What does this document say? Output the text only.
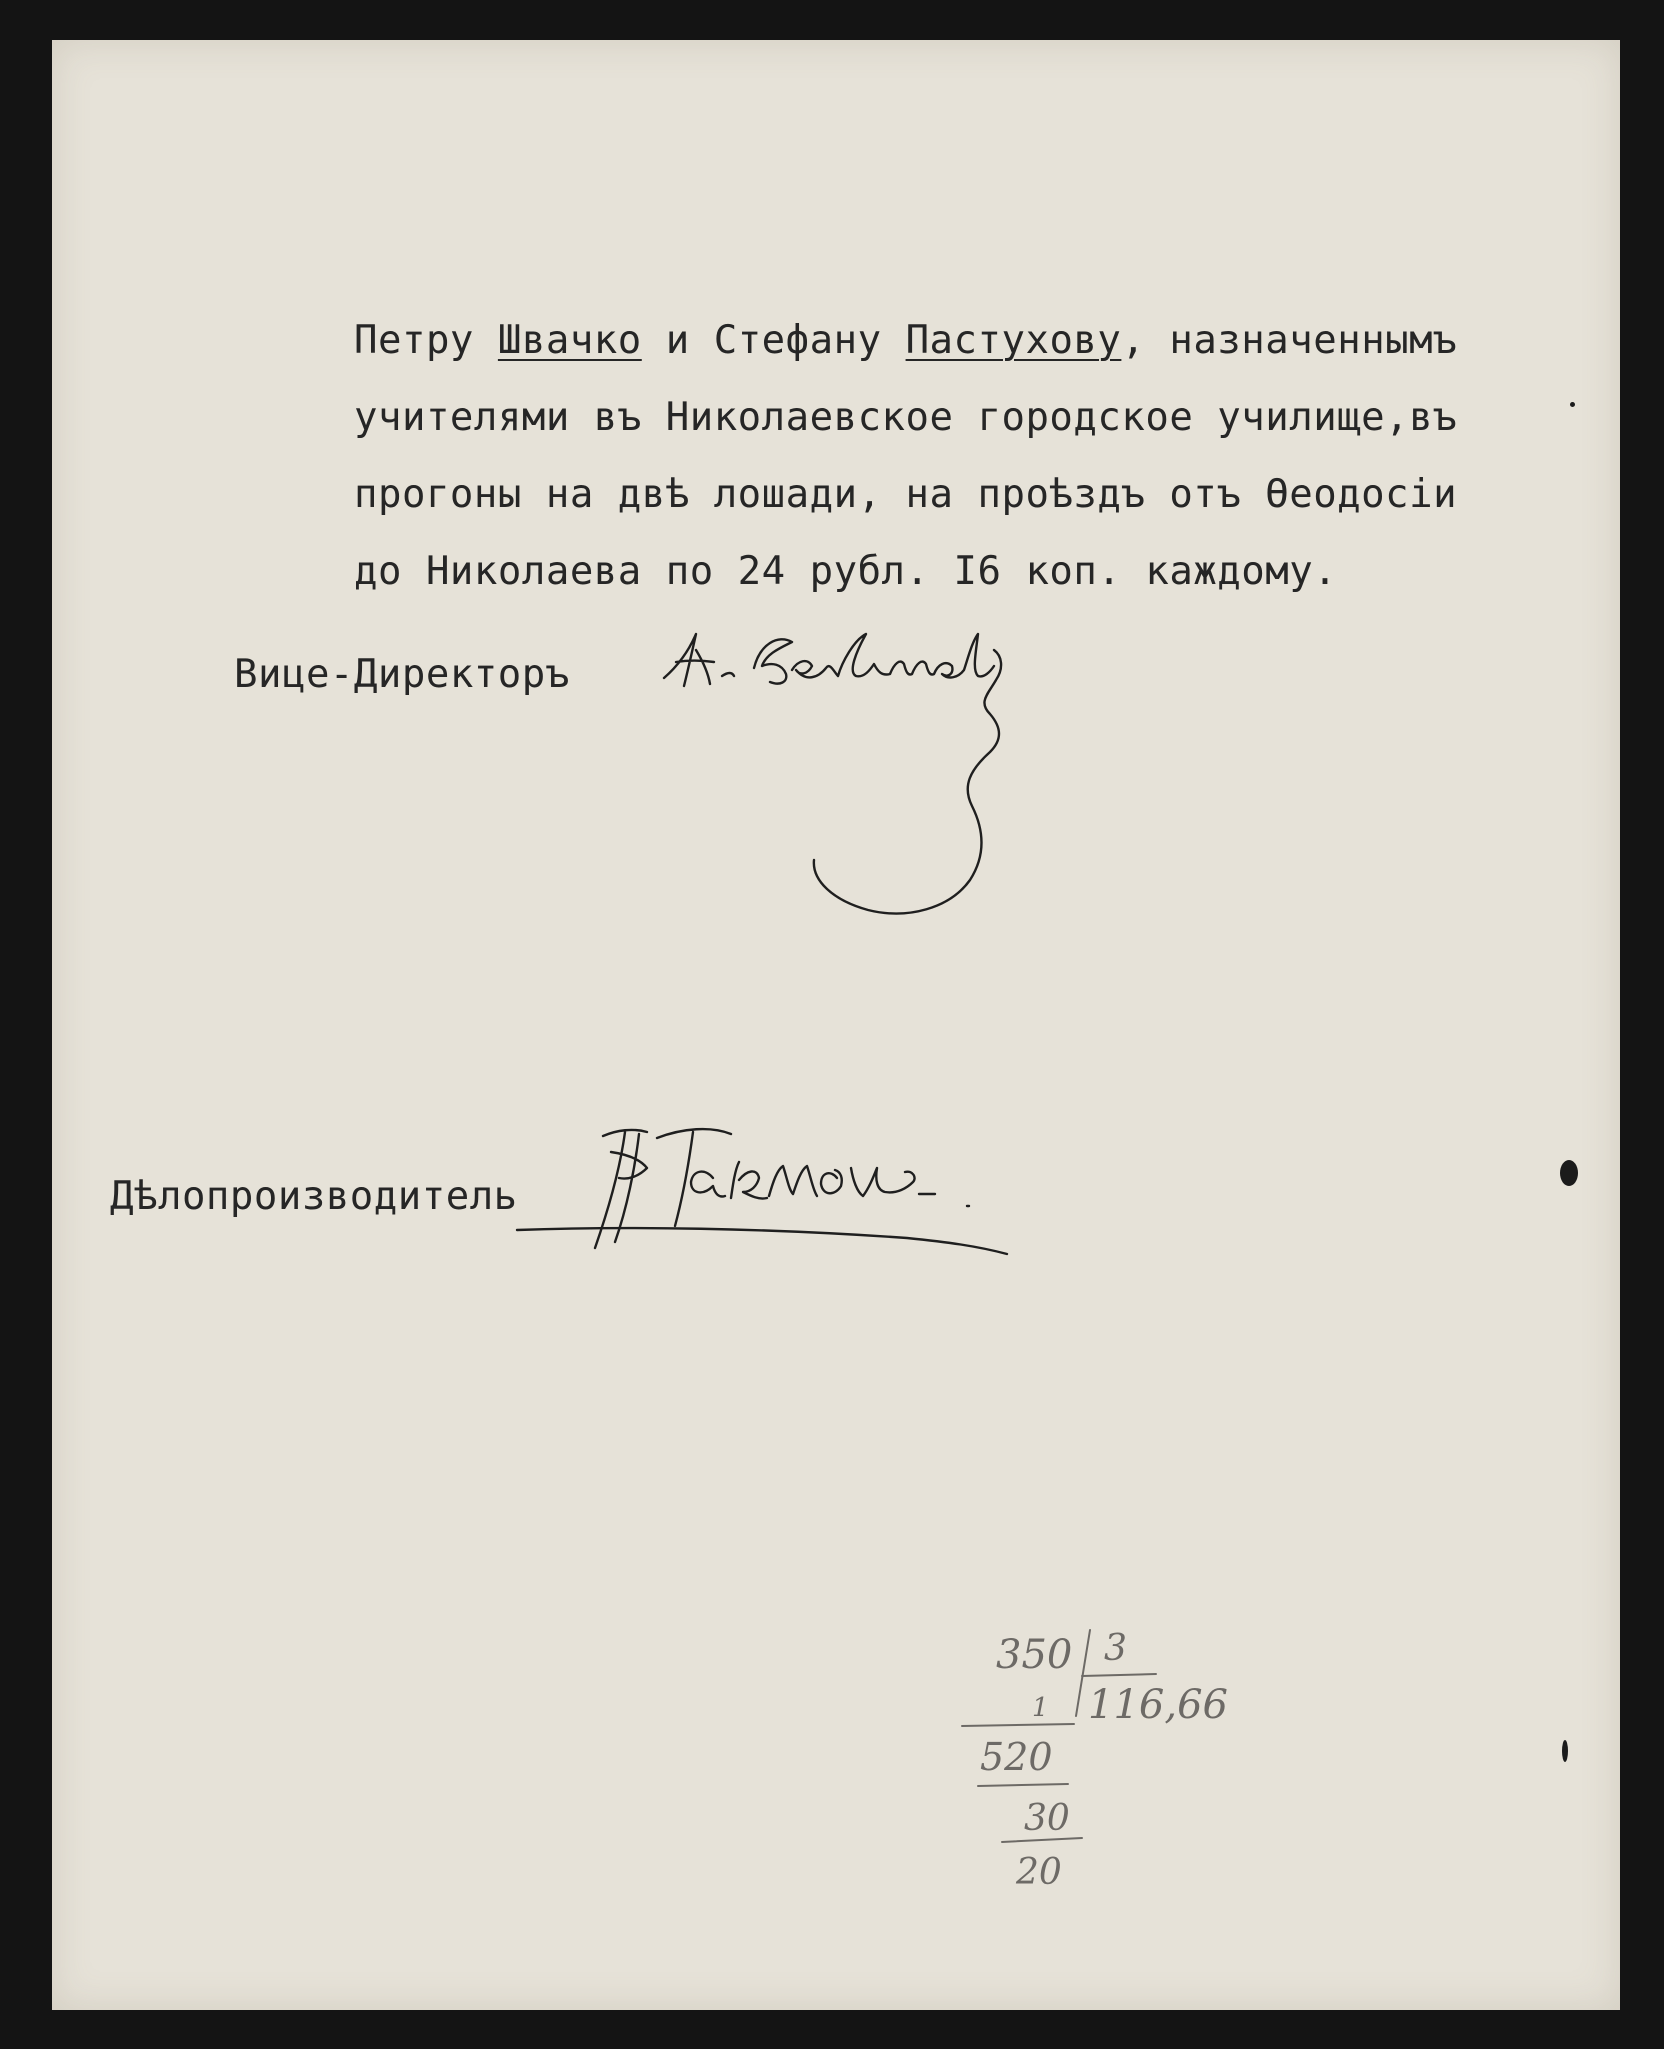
Петру Швачко и Стефану Пастухову, назначеннымъ
учителями въ Николаевское городское училище,въ
прогоны на двѣ лошади, на проѣздъ отъ Өеодосіи
до Николаева по 24 рубл. I6 коп. каждому.
Вице-Директоръ
Дѣлопроизводитель
350 3
116,66
1
520
30
20
